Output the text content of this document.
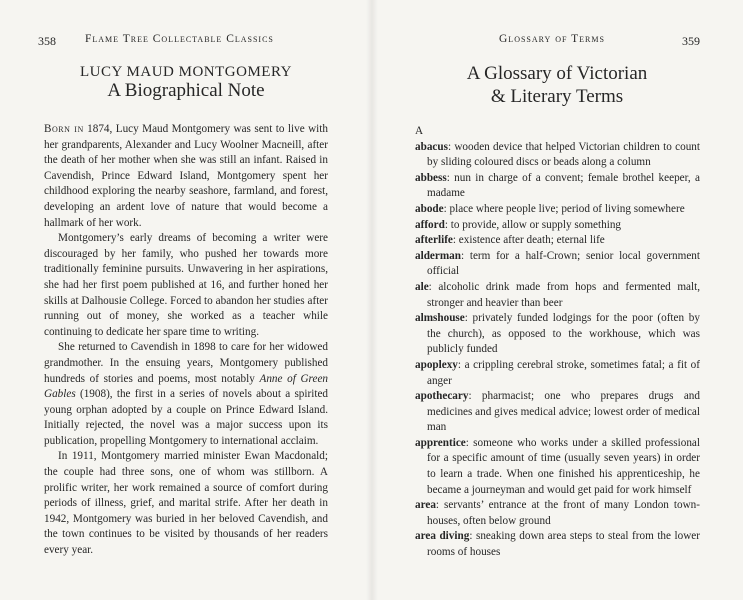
358	Flame Tree Collectable Classics	Glossary of Terms	359
LUCY MAUD MONTGOMERY
A Biographical Note

Born in 1874, Lucy Maud Montgomery was sent to live with her grandparents, Alexander and Lucy Woolner Macneill, after the death of her mother when she was still an infant. Raised in Cavendish, Prince Edward Island, Montgomery spent her childhood exploring the nearby seashore, farmland, and forest, developing an ardent love of nature that would become a hallmark of her work.

Montgomery’s early dreams of becoming a writer were discouraged by her family, who pushed her towards more traditionally feminine pursuits. Unwavering in her aspirations, she had her first poem published at 16, and further honed her skills at Dalhousie College. Forced to abandon her studies after running out of money, she worked as a teacher while continuing to dedicate her spare time to writing.

She returned to Cavendish in 1898 to care for her widowed grandmother. In the ensuing years, Montgomery published hundreds of stories and poems, most notably Anne of Green Gables (1908), the first in a series of novels about a spirited young orphan adopted by a couple on Prince Edward Island. Initially rejected, the novel was a major success upon its publication, propelling Montgomery to international acclaim.

In 1911, Montgomery married minister Ewan Macdonald; the couple had three sons, one of whom was stillborn. A prolific writer, her work remained a source of comfort during periods of illness, grief, and marital strife. After her death in 1942, Montgomery was buried in her beloved Cavendish, and the town continues to be visited by thousands of her readers every year.

A Glossary of Victorian
& Literary Terms

A

abacus: wooden device that helped Victorian children to count by sliding coloured discs or beads along a column

abbess: nun in charge of a convent; female brothel keeper, a madame

abode: place where people live; period of living somewhere

afford: to provide, allow or supply something

afterlife: existence after death; eternal life

alderman: term for a half-Crown; senior local government official

ale: alcoholic drink made from hops and fermented malt, stronger and heavier than beer

almshouse: privately funded lodgings for the poor (often by the church), as opposed to the workhouse, which was publicly funded

apoplexy: a crippling cerebral stroke, sometimes fatal; a fit of anger

apothecary: pharmacist; one who prepares drugs and medicines and gives medical advice; lowest order of medical man

apprentice: someone who works under a skilled professional for a specific amount of time (usually seven years) in order to learn a trade. When one finished his apprenticeship, he became a journeyman and would get paid for work himself

area: servants’ entrance at the front of many London town-houses, often below ground

area diving: sneaking down area steps to steal from the lower rooms of houses
